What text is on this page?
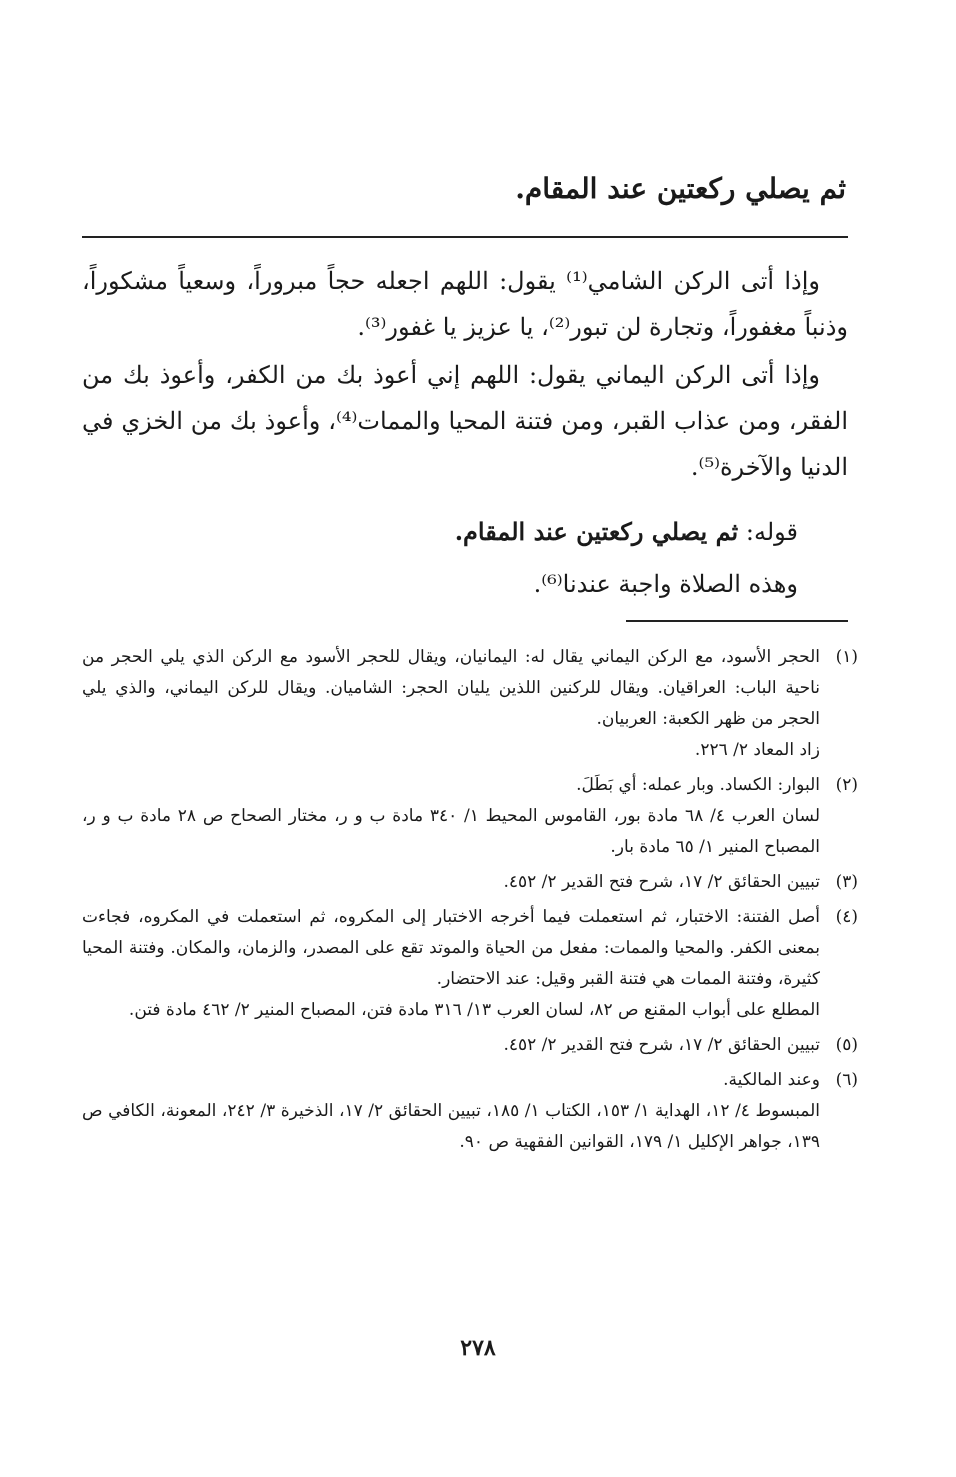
ثم يصلي ركعتين عند المقام.

وإذا أتى الركن الشامي⁽¹⁾ يقول: اللهم اجعله حجاً مبروراً، وسعياً مشكوراً، وذنباً مغفوراً، وتجارة لن تبور⁽²⁾، يا عزيز يا غفور⁽³⁾.

وإذا أتى الركن اليماني يقول: اللهم إني أعوذ بك من الكفر، وأعوذ بك من الفقر، ومن عذاب القبر، ومن فتنة المحيا والممات⁽⁴⁾، وأعوذ بك من الخزي في الدنيا والآخرة⁽⁵⁾.

قوله: ثم يصلي ركعتين عند المقام.
وهذه الصلاة واجبة عندنا⁽⁶⁾.
(١)

الحجر الأسود، مع الركن اليماني يقال له: اليمانيان، ويقال للحجر الأسود مع الركن الذي يلي الحجر من ناحية الباب: العراقيان. ويقال للركنين اللذين يليان الحجر: الشاميان. ويقال للركن اليماني، والذي يلي الحجر من ظهر الكعبة: العربيان.

زاد المعاد ٢/ ٢٢٦.

(٢)

البوار: الكساد. وبار عمله: أي بَطَلَ.

لسان العرب ٤/ ٦٨ مادة بور، القاموس المحيط ١/ ٣٤٠ مادة ب و ر، مختار الصحاح ص ٢٨ مادة ب و ر، المصباح المنير ١/ ٦٥ مادة بار.

(٣)

تبيين الحقائق ٢/ ١٧، شرح فتح القدير ٢/ ٤٥٢.

(٤)

أصل الفتنة: الاختبار، ثم استعملت فيما أخرجه الاختبار إلى المكروه، ثم استعملت في المكروه، فجاءت بمعنى الكفر. والمحيا والممات: مفعل من الحياة والموتد تقع على المصدر، والزمان، والمكان. وفتنة المحيا كثيرة، وفتنة الممات هي فتنة القبر وقيل: عند الاحتضار.

المطلع على أبواب المقنع ص ٨٢، لسان العرب ١٣/ ٣١٦ مادة فتن، المصباح المنير ٢/ ٤٦٢ مادة فتن.

(٥)

تبيين الحقائق ٢/ ١٧، شرح فتح القدير ٢/ ٤٥٢.

(٦)

وعند المالكية.

المبسوط ٤/ ١٢، الهداية ١/ ١٥٣، الكتاب ١/ ١٨٥، تبيين الحقائق ٢/ ١٧، الذخيرة ٣/ ٢٤٢، المعونة، الكافي ص ١٣٩، جواهر الإكليل ١/ ١٧٩، القوانين الفقهية ص ٩٠.

٢٧٨
